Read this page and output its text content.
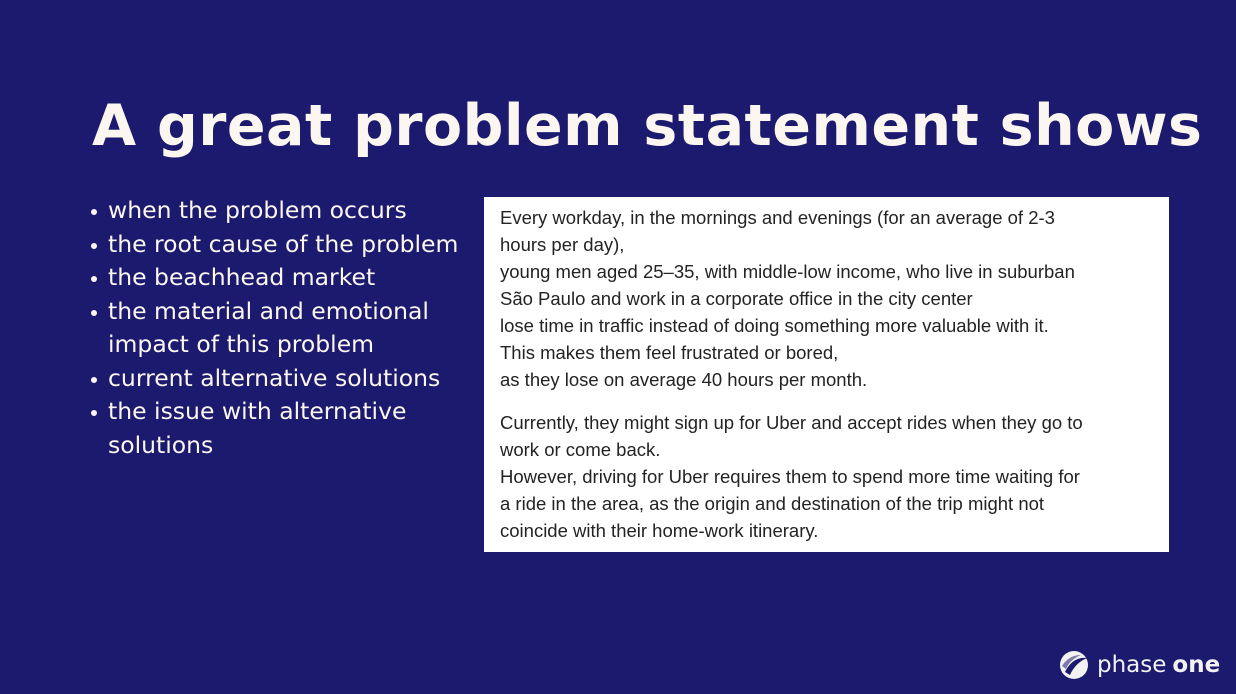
A great problem statement shows
when the problem occurs
the root cause of the problem
the beachhead market
the material and emotional impact of this problem
current alternative solutions
the issue with alternative solutions

Every workday, in the mornings and evenings (for an average of 2-3
hours per day),
young men aged 25–35, with middle-low income, who live in suburban
São Paulo and work in a corporate office in the city center
lose time in traffic instead of doing something more valuable with it.
This makes them feel frustrated or bored,
as they lose on average 40 hours per month.

Currently, they might sign up for Uber and accept rides when they go to
work or come back.
However, driving for Uber requires them to spend more time waiting for
a ride in the area, as the origin and destination of the trip might not
coincide with their home-work itinerary.

phase one
